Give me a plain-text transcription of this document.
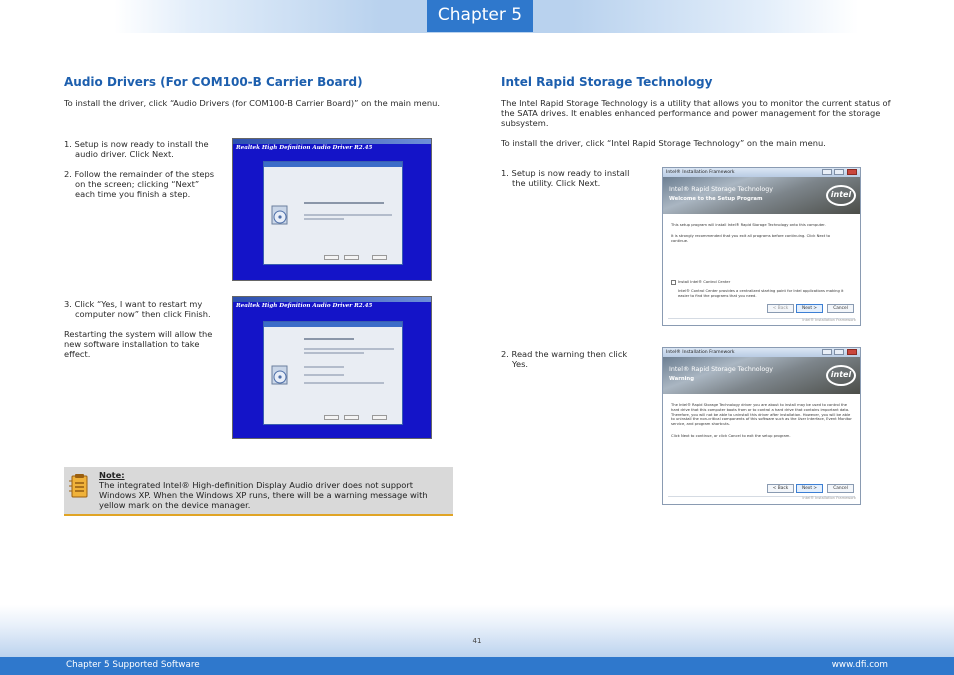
Chapter 5
Audio Drivers (For COM100-B Carrier Board)
To install the driver, click “Audio Drivers (for COM100-B Carrier Board)” on the main menu.
1. Setup is now ready to install the audio driver. Click Next.
2. Follow the remainder of the steps on the screen; clicking “Next” each time you finish a step.
3. Click “Yes, I want to restart my computer now” then click Finish.
Restarting the system will allow the new software installation to take effect.
Realtek High Definition Audio Driver R2.45
Realtek High Definition Audio Driver R2.45
Note:
The integrated Intel® High-definition Display Audio driver does not support Windows XP. When the Windows XP runs, there will be a warning message with yellow mark on the device manager.
Intel Rapid Storage Technology
The Intel Rapid Storage Technology is a utility that allows you to monitor the current status of the SATA drives. It enables enhanced performance and power management for the storage subsystem.
To install the driver, click “Intel Rapid Storage Technology” on the main menu.
1. Setup is now ready to install the utility. Click Next.
2. Read the warning then click Yes.
Intel® Installation Framework
Intel® Rapid Storage Technology
Welcome to the Setup Program	intel
This setup program will install Intel® Rapid Storage Technology onto this computer.
It is strongly recommended that you exit all programs before continuing. Click Next to continue.
Install Intel® Control Center
Intel® Control Center provides a centralized starting point for Intel applications making it easier to find the programs that you need.
< Back	Next >	Cancel
Intel® Installation Framework
Intel® Installation Framework
Intel® Rapid Storage Technology
Warning	intel
The Intel® Rapid Storage Technology driver you are about to install may be used to control the hard drive that this computer boots from or to control a hard drive that contains important data. Therefore, you will not be able to uninstall this driver after installation. However, you will be able to uninstall the non-critical components of this software such as the User Interface, Event Monitor service, and program shortcuts.
Click Next to continue, or click Cancel to exit the setup program.
< Back	Next >	Cancel
Intel® Installation Framework
41
Chapter 5 Supported Software	www.dfi.com
